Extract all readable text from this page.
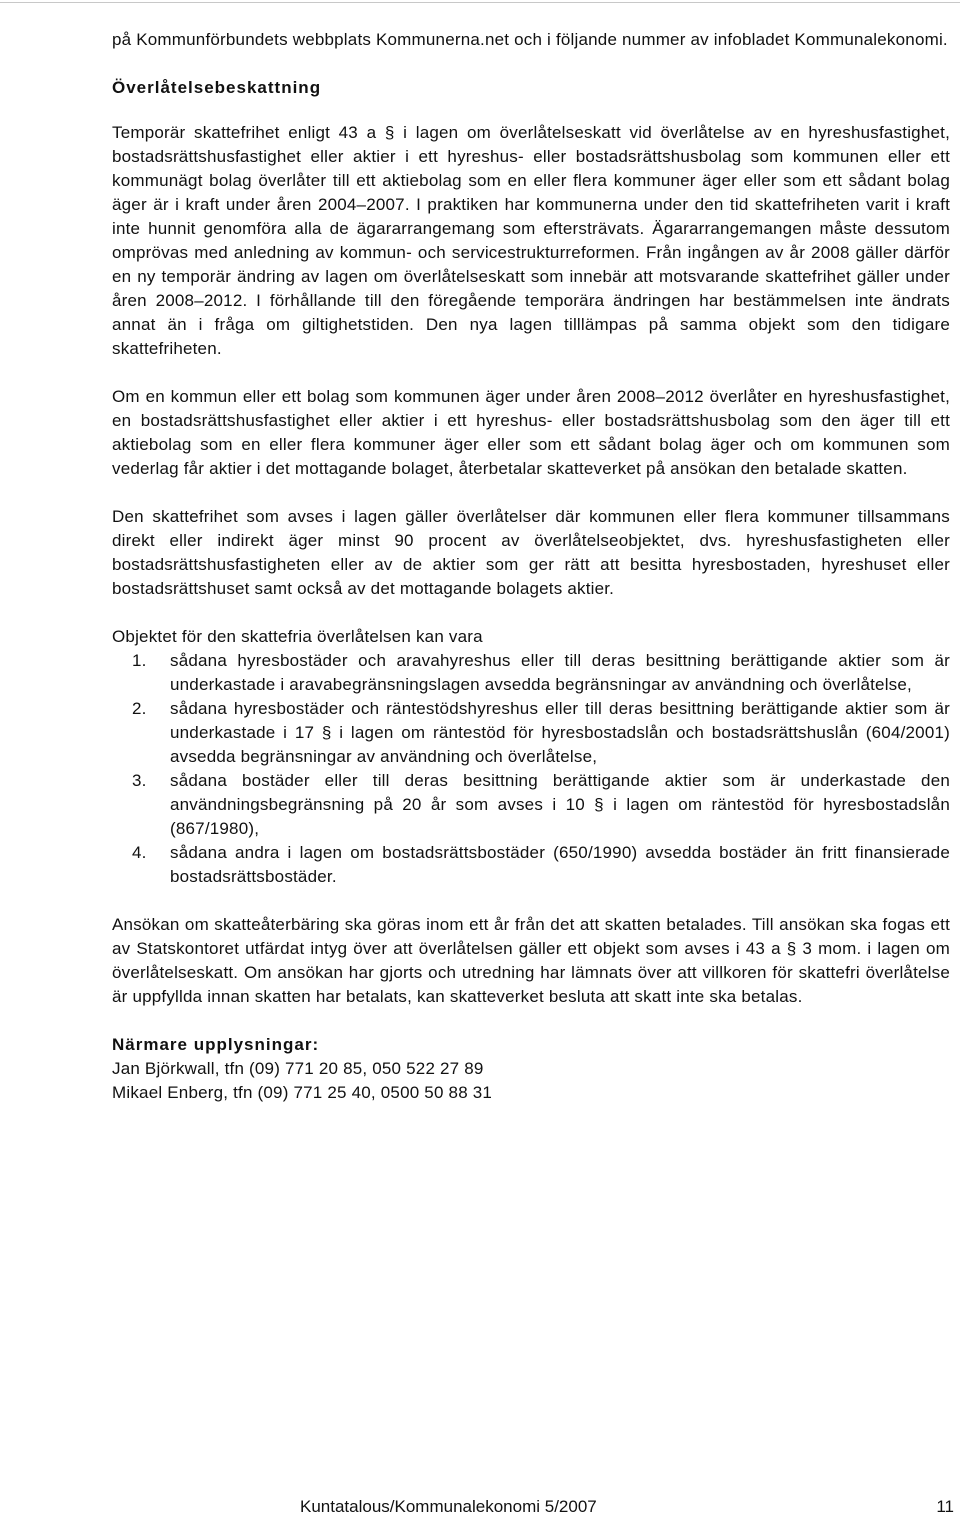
på Kommunförbundets webbplats Kommunerna.net och i följande nummer av infobladet Kommunalekonomi.

Överlåtelsebeskattning

Temporär skattefrihet enligt 43 a § i lagen om överlåtelseskatt vid överlåtelse av en hyreshusfastighet, bostadsrättshusfastighet eller aktier i ett hyreshus- eller bostadsrättshusbolag som kommunen eller ett kommunägt bolag överlåter till ett aktiebolag som en eller flera kommuner äger eller som ett sådant bolag äger är i kraft under åren 2004–2007. I praktiken har kommunerna under den tid skattefriheten varit i kraft inte hunnit genomföra alla de ägararrangemang som eftersträvats. Ägararrangemangen måste dessutom omprövas med anledning av kommun- och servicestrukturreformen. Från ingången av år 2008 gäller därför en ny temporär ändring av lagen om överlåtelseskatt som innebär att motsvarande skattefrihet gäller under åren 2008–2012. I förhållande till den föregående temporära ändringen har bestämmelsen inte ändrats annat än i fråga om giltighetstiden. Den nya lagen tilllämpas på samma objekt som den tidigare skattefriheten.

Om en kommun eller ett bolag som kommunen äger under åren 2008–2012 överlåter en hyreshusfastighet, en bostadsrättshusfastighet eller aktier i ett hyreshus- eller bostadsrättshusbolag som den äger till ett aktiebolag som en eller flera kommuner äger eller som ett sådant bolag äger och om kommunen som vederlag får aktier i det mottagande bolaget, återbetalar skatteverket på ansökan den betalade skatten.

Den skattefrihet som avses i lagen gäller överlåtelser där kommunen eller flera kommuner tillsammans direkt eller indirekt äger minst 90 procent av överlåtelseobjektet, dvs. hyreshusfastigheten eller bostadsrättshusfastigheten eller av de aktier som ger rätt att besitta hyresbostaden, hyreshuset eller bostadsrättshuset samt också av det mottagande bolagets aktier.

Objektet för den skattefria överlåtelsen kan vara

1. sådana hyresbostäder och aravahyreshus eller till deras besittning berättigande aktier som är underkastade i aravabegränsningslagen avsedda begränsningar av användning och överlåtelse,
2. sådana hyresbostäder och räntestödshyreshus eller till deras besittning berättigande aktier som är underkastade i 17 § i lagen om räntestöd för hyresbostadslån och bostadsrättshuslån (604/2001) avsedda begränsningar av användning och överlåtelse,
3. sådana bostäder eller till deras besittning berättigande aktier som är underkastade den användningsbegränsning på 20 år som avses i 10 § i lagen om räntestöd för hyresbostadslån (867/1980),
4. sådana andra i lagen om bostadsrättsbostäder (650/1990) avsedda bostäder än fritt finansierade bostadsrättsbostäder.

Ansökan om skatteåterbäring ska göras inom ett år från det att skatten betalades. Till ansökan ska fogas ett av Statskontoret utfärdat intyg över att överlåtelsen gäller ett objekt som avses i 43 a § 3 mom. i lagen om överlåtelseskatt. Om ansökan har gjorts och utredning har lämnats över att villkoren för skattefri överlåtelse är uppfyllda innan skatten har betalats, kan skatteverket besluta att skatt inte ska betalas.

Närmare upplysningar:

Jan Björkwall, tfn (09) 771 20 85, 050 522 27 89

Mikael Enberg, tfn (09) 771 25 40, 0500 50 88 31

Kuntatalous/Kommunalekonomi 5/2007	11
